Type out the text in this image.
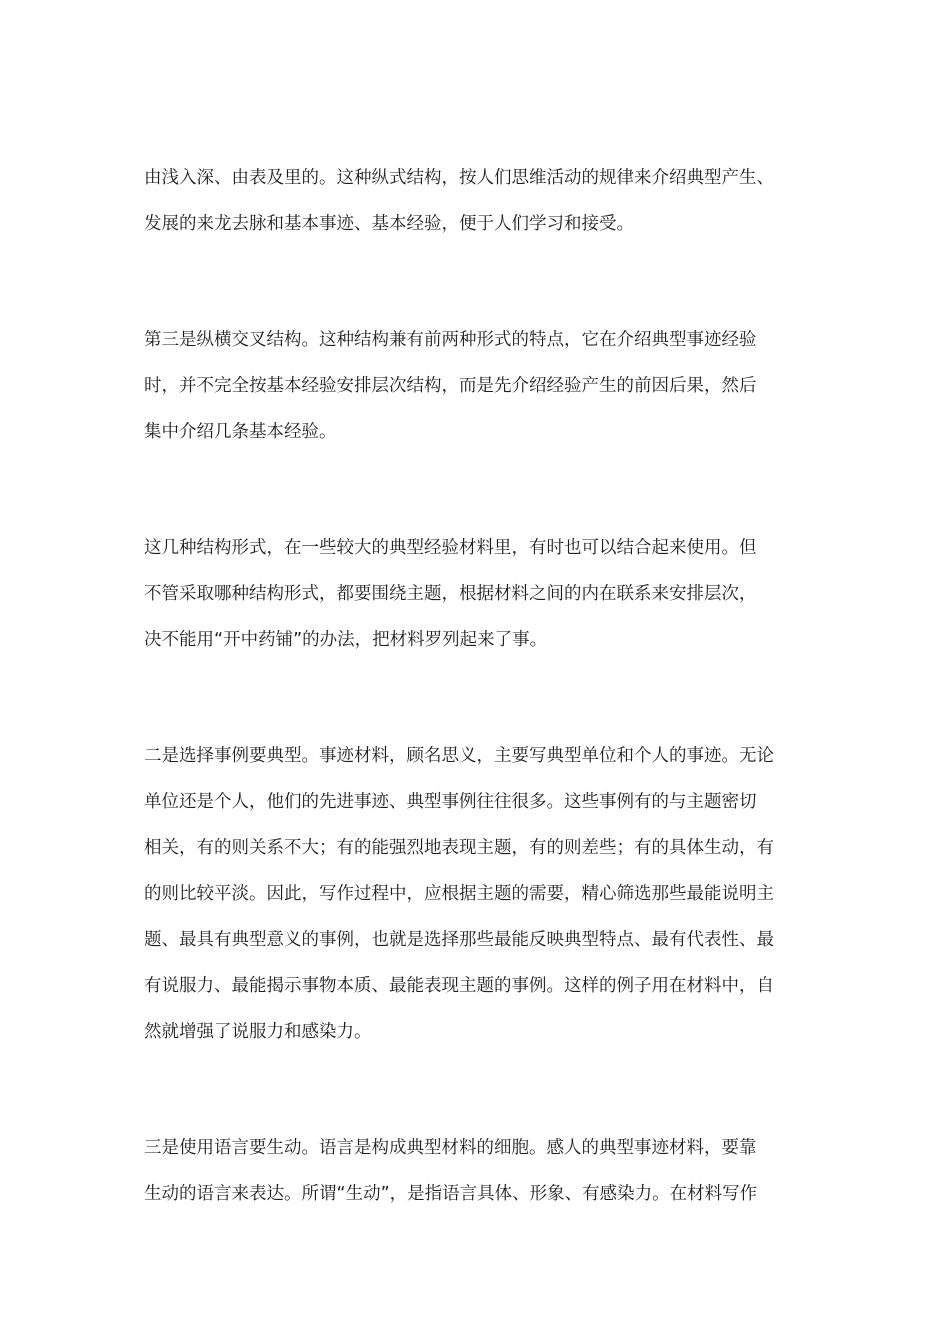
由浅入深、由表及里的。这种纵式结构，按人们思维活动的规律来介绍典型产生、
发展的来龙去脉和基本事迹、基本经验，便于人们学习和接受。
第三是纵横交叉结构。这种结构兼有前两种形式的特点，它在介绍典型事迹经验
时，并不完全按基本经验安排层次结构，而是先介绍经验产生的前因后果，然后
集中介绍几条基本经验。
这几种结构形式，在一些较大的典型经验材料里，有时也可以结合起来使用。但
不管采取哪种结构形式，都要围绕主题，根据材料之间的内在联系来安排层次，
决不能用“开中药铺”的办法，把材料罗列起来了事。
二是选择事例要典型。事迹材料，顾名思义，主要写典型单位和个人的事迹。无论
单位还是个人，他们的先进事迹、典型事例往往很多。这些事例有的与主题密切
相关，有的则关系不大；有的能强烈地表现主题，有的则差些；有的具体生动，有
的则比较平淡。因此，写作过程中，应根据主题的需要，精心筛选那些最能说明主
题、最具有典型意义的事例，也就是选择那些最能反映典型特点、最有代表性、最
有说服力、最能揭示事物本质、最能表现主题的事例。这样的例子用在材料中，自
然就增强了说服力和感染力。
三是使用语言要生动。语言是构成典型材料的细胞。感人的典型事迹材料，要靠
生动的语言来表达。所谓“生动”，是指语言具体、形象、有感染力。在材料写作
